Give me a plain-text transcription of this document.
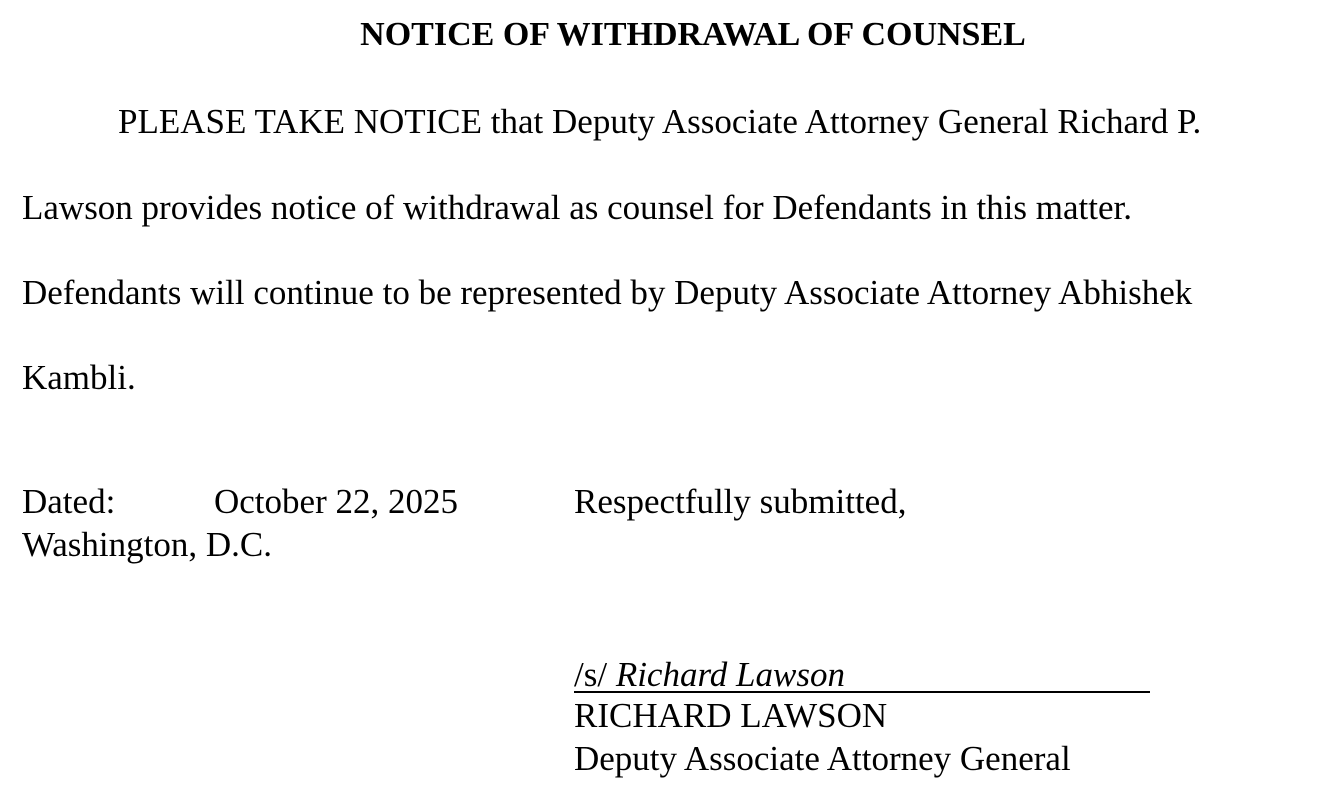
NOTICE OF WITHDRAWAL OF COUNSEL
PLEASE TAKE NOTICE that Deputy Associate Attorney General Richard P.
Lawson provides notice of withdrawal as counsel for Defendants in this matter.
Defendants will continue to be represented by Deputy Associate Attorney Abhishek
Kambli.
Dated:	October 22, 2025	Respectfully submitted,
Washington, D.C.
/s/ Richard Lawson
RICHARD LAWSON
Deputy Associate Attorney General
